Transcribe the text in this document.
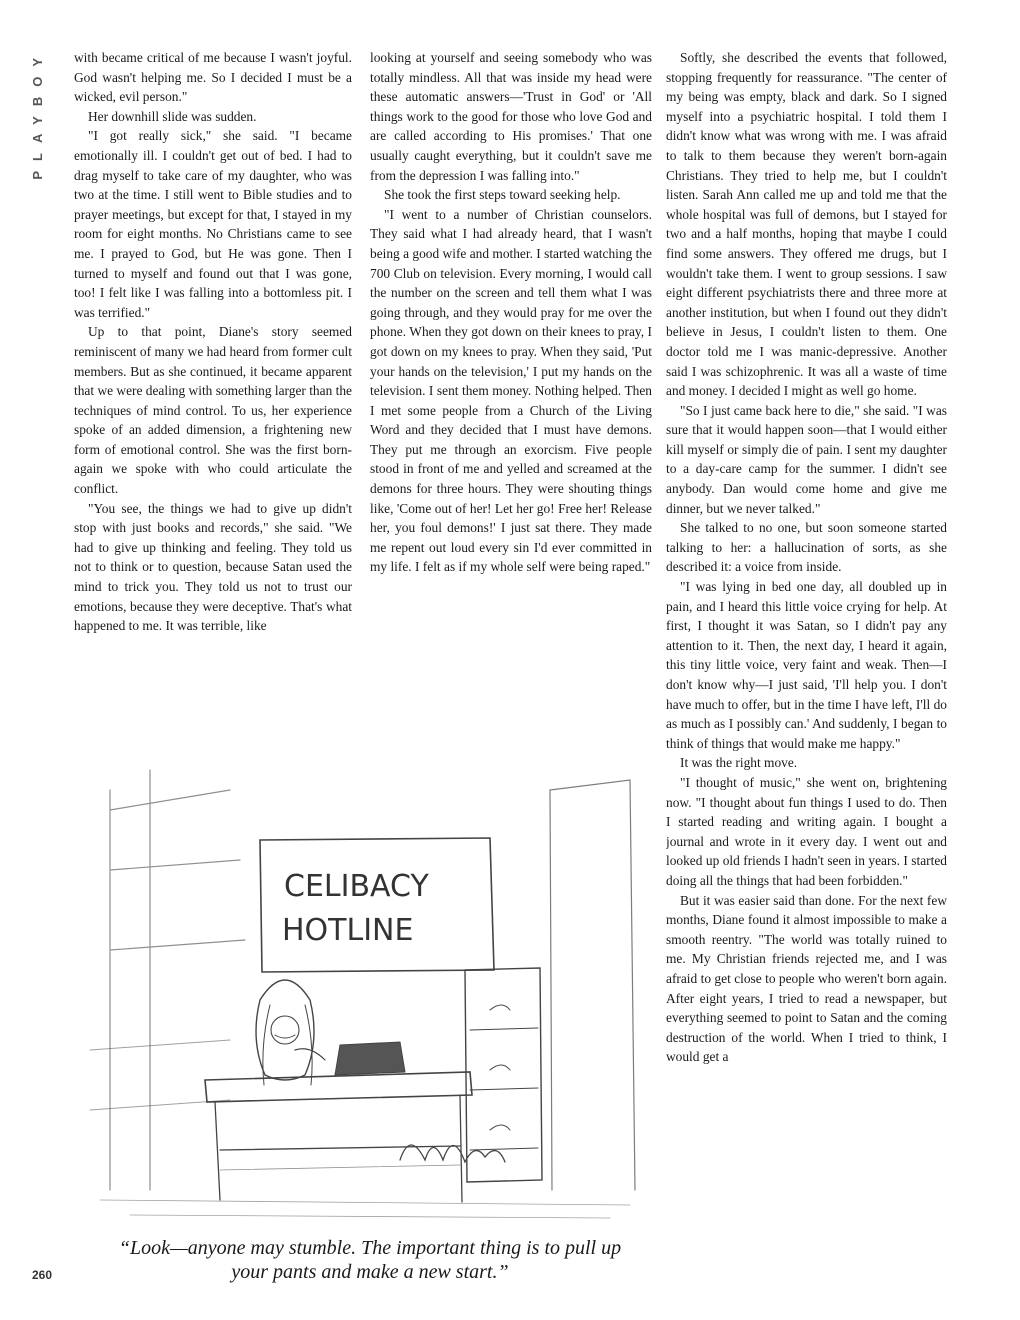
PLAYBOY	with became critical of me because I wasn't joyful. God wasn't helping me. So I decided I must be a wicked, evil person."

Her downhill slide was sudden.

"I got really sick," she said. "I became emotionally ill. I couldn't get out of bed. I had to drag myself to take care of my daughter, who was two at the time. I still went to Bible studies and to prayer meetings, but except for that, I stayed in my room for eight months. No Christians came to see me. I prayed to God, but He was gone. Then I turned to myself and found out that I was gone, too! I felt like I was falling into a bottomless pit. I was terrified."

Up to that point, Diane's story seemed reminiscent of many we had heard from former cult members. But as she continued, it became apparent that we were dealing with something larger than the techniques of mind control. To us, her experience spoke of an added dimension, a frightening new form of emotional control. She was the first born-again we spoke with who could articulate the conflict.

"You see, the things we had to give up didn't stop with just books and records," she said. "We had to give up thinking and feeling. They told us not to think or to question, because Satan used the mind to trick you. They told us not to trust our emotions, because they were deceptive. That's what happened to me. It was terrible, like

looking at yourself and seeing somebody who was totally mindless. All that was inside my head were these automatic answers—'Trust in God' or 'All things work to the good for those who love God and are called according to His promises.' That one usually caught everything, but it couldn't save me from the depression I was falling into."

She took the first steps toward seeking help.

"I went to a number of Christian counselors. They said what I had already heard, that I wasn't being a good wife and mother. I started watching the 700 Club on television. Every morning, I would call the number on the screen and tell them what I was going through, and they would pray for me over the phone. When they got down on their knees to pray, I got down on my knees to pray. When they said, 'Put your hands on the television,' I put my hands on the television. I sent them money. Nothing helped. Then I met some people from a Church of the Living Word and they decided that I must have demons. They put me through an exorcism. Five people stood in front of me and yelled and screamed at the demons for three hours. They were shouting things like, 'Come out of her! Let her go! Free her! Release her, you foul demons!' I just sat there. They made me repent out loud every sin I'd ever committed in my life. I felt as if my whole self were being raped."

Softly, she described the events that followed, stopping frequently for reassurance. "The center of my being was empty, black and dark. So I signed myself into a psychiatric hospital. I told them I didn't know what was wrong with me. I was afraid to talk to them because they weren't born-again Christians. They tried to help me, but I couldn't listen. Sarah Ann called me up and told me that the whole hospital was full of demons, but I stayed for two and a half months, hoping that maybe I could find some answers. They offered me drugs, but I wouldn't take them. I went to group sessions. I saw eight different psychiatrists there and three more at another institution, but when I found out they didn't believe in Jesus, I couldn't listen to them. One doctor told me I was manic-depressive. Another said I was schizophrenic. It was all a waste of time and money. I decided I might as well go home.

"So I just came back here to die," she said. "I was sure that it would happen soon—that I would either kill myself or simply die of pain. I sent my daughter to a day-care camp for the summer. I didn't see anybody. Dan would come home and give me dinner, but we never talked."

She talked to no one, but soon someone started talking to her: a hallucination of sorts, as she described it: a voice from inside.

"I was lying in bed one day, all doubled up in pain, and I heard this little voice crying for help. At first, I thought it was Satan, so I didn't pay any attention to it. Then, the next day, I heard it again, this tiny little voice, very faint and weak. Then—I don't know why—I just said, 'I'll help you. I don't have much to offer, but in the time I have left, I'll do as much as I possibly can.' And suddenly, I began to think of things that would make me happy."

It was the right move.

"I thought of music," she went on, brightening now. "I thought about fun things I used to do. Then I started reading and writing again. I bought a journal and wrote in it every day. I went out and looked up old friends I hadn't seen in years. I started doing all the things that had been forbidden."

But it was easier said than done. For the next few months, Diane found it almost impossible to make a smooth reentry. "The world was totally ruined to me. My Christian friends rejected me, and I was afraid to get close to people who weren't born again. After eight years, I tried to read a newspaper, but everything seemed to point to Satan and the coming destruction of the world. When I tried to think, I would get a

CELIBACY
HOTLINE
“Look—anyone may stumble. The important thing is to pull up your pants and make a new start.”
260
